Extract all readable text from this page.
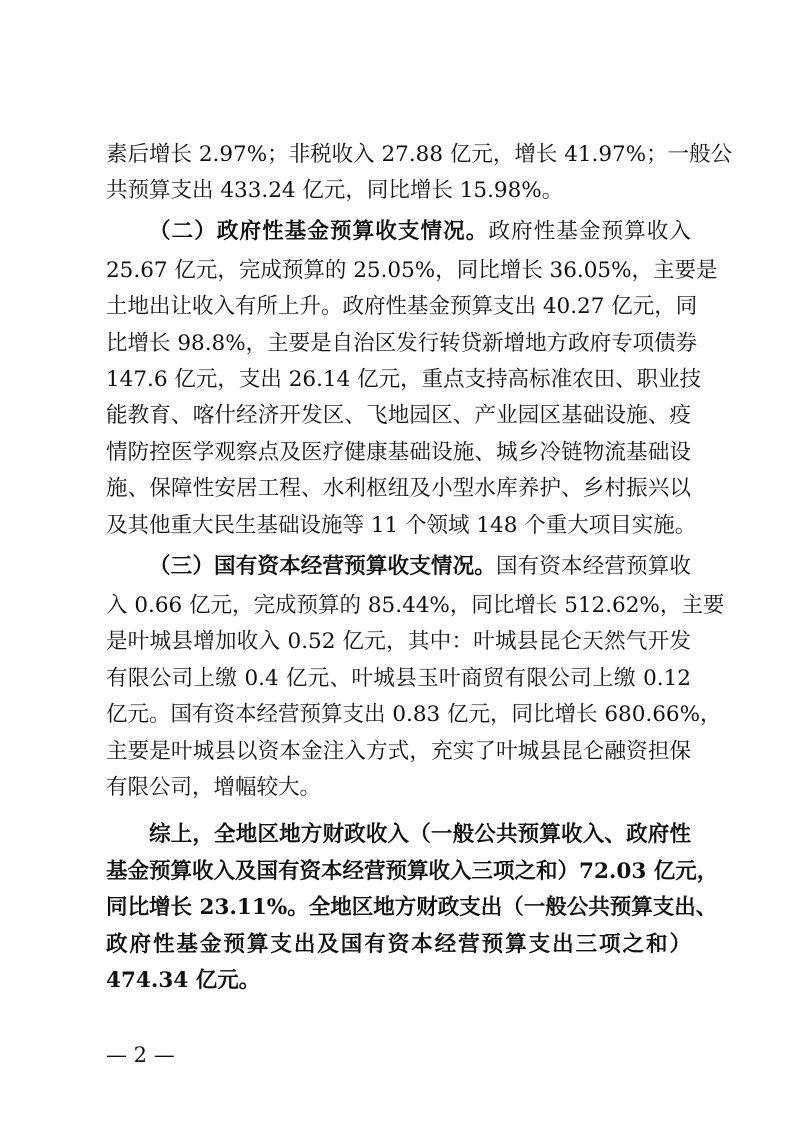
素后增长 2.97%；非税收入 27.88 亿元，增长 41.97%；一般公
共预算支出 433.24 亿元，同比增长 15.98%。
（二）政府性基金预算收支情况。政府性基金预算收入
25.67 亿元，完成预算的 25.05%，同比增长 36.05%，主要是
土地出让收入有所上升。政府性基金预算支出 40.27 亿元，同
比增长 98.8%，主要是自治区发行转贷新增地方政府专项债券
147.6 亿元，支出 26.14 亿元，重点支持高标准农田、职业技
能教育、喀什经济开发区、飞地园区、产业园区基础设施、疫
情防控医学观察点及医疗健康基础设施、城乡冷链物流基础设
施、保障性安居工程、水利枢纽及小型水库养护、乡村振兴以
及其他重大民生基础设施等 11 个领域 148 个重大项目实施。
（三）国有资本经营预算收支情况。国有资本经营预算收
入 0.66 亿元，完成预算的 85.44%，同比增长 512.62%，主要
是叶城县增加收入 0.52 亿元，其中：叶城县昆仑天然气开发
有限公司上缴 0.4 亿元、叶城县玉叶商贸有限公司上缴 0.12
亿元。国有资本经营预算支出 0.83 亿元，同比增长 680.66%，
主要是叶城县以资本金注入方式，充实了叶城县昆仑融资担保
有限公司，增幅较大。
综上，全地区地方财政收入（一般公共预算收入、政府性
基金预算收入及国有资本经营预算收入三项之和）72.03 亿元，
同比增长 23.11%。全地区地方财政支出（一般公共预算支出、
政府性基金预算支出及国有资本经营预算支出三项之和）
474.34 亿元。
— 2 —
